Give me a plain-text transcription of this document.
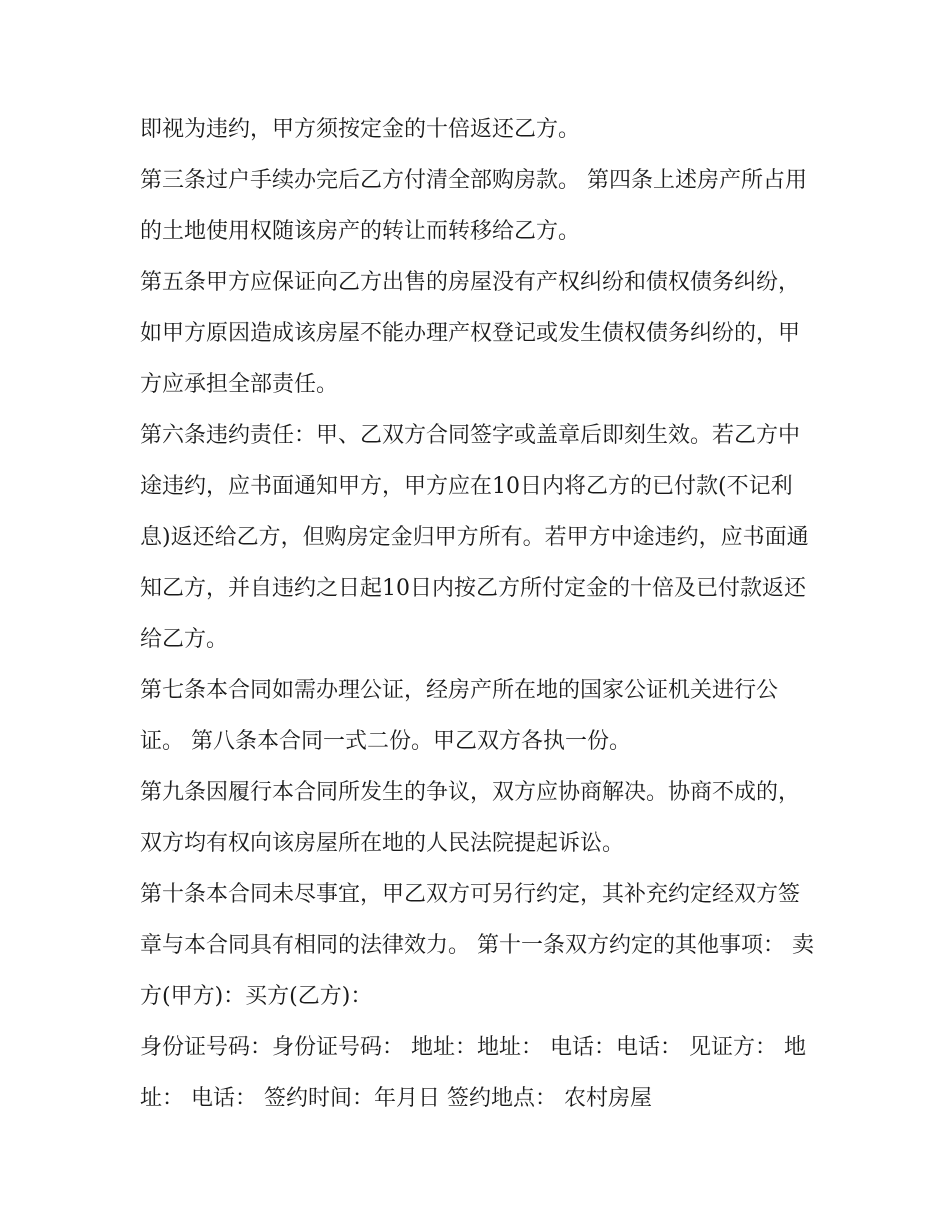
即视为违约，甲方须按定金的十倍返还乙方。

第三条过户手续办完后乙方付清全部购房款。 第四条上述房产所占用的土地使用权随该房产的转让而转移给乙方。

第五条甲方应保证向乙方出售的房屋没有产权纠纷和债权债务纠纷，如甲方原因造成该房屋不能办理产权登记或发生债权债务纠纷的，甲方应承担全部责任。

第六条违约责任：甲、乙双方合同签字或盖章后即刻生效。若乙方中途违约，应书面通知甲方，甲方应在10日内将乙方的已付款(不记利息)返还给乙方，但购房定金归甲方所有。若甲方中途违约，应书面通知乙方，并自违约之日起10日内按乙方所付定金的十倍及已付款返还给乙方。

第七条本合同如需办理公证，经房产所在地的国家公证机关进行公证。 第八条本合同一式二份。甲乙双方各执一份。

第九条因履行本合同所发生的争议，双方应协商解决。协商不成的，双方均有权向该房屋所在地的人民法院提起诉讼。

第十条本合同未尽事宜，甲乙双方可另行约定，其补充约定经双方签章与本合同具有相同的法律效力。 第十一条双方约定的其他事项： 卖方(甲方)：买方(乙方)：

身份证号码：身份证号码： 地址：地址： 电话：电话： 见证方： 地址： 电话： 签约时间：年月日 签约地点： 农村房屋
